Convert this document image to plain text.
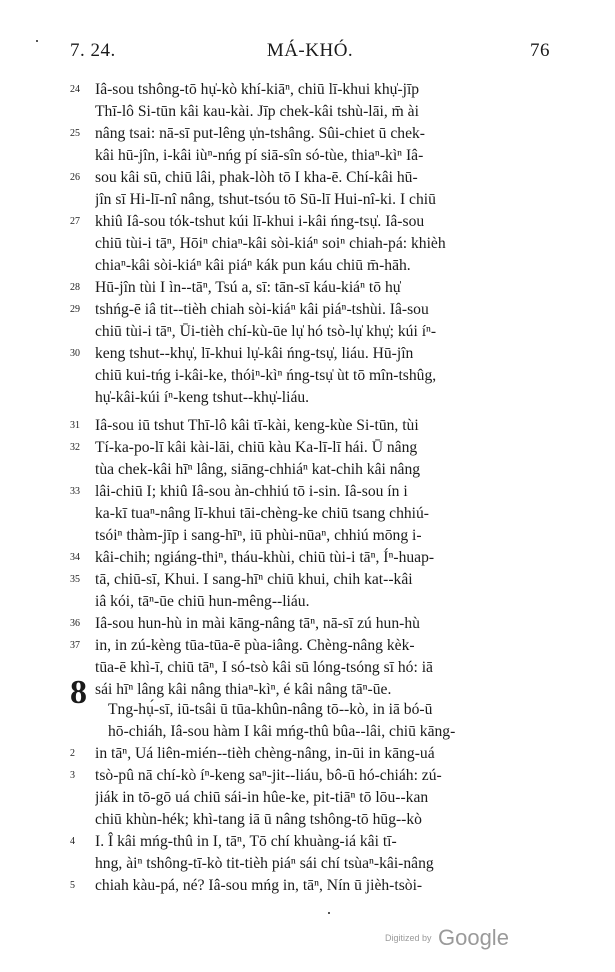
7. 24.	MÁ-KHÓ.	76
24 Iâ-sou tshông-tō hụ̍-kò khí-kiāⁿ, chiū lī-khui khụ̍-jīp
Thī-lô Si-tūn kâi kau-kài. Jīp chek-kâi tshù-lāi, m̄ ài
25 nâng tsai: nā-sī put-lêng ụ̍n-tshâng. Sûi-chiet ū chek-
kâi hū-jîn, i-kâi iùⁿ-nńg pí siā-sîn só-tùe, thiaⁿ-kìⁿ Iâ-
26 sou kâi sū, chiū lâi, phak-lòh tō I kha-ē. Chí-kâi hū-
jîn sī Hi-lī-nî nâng, tshut-tsóu tō Sū-lī Hui-nî-ki. I chiū
27 khiû Iâ-sou tók-tshut kúi lī-khui i-kâi ńng-tsụ̍. Iâ-sou
chiū tùi-i tāⁿ, Hōiⁿ chiaⁿ-kâi sòi-kiáⁿ soiⁿ chiah-pá: khièh
chiaⁿ-kâi sòi-kiáⁿ kâi piáⁿ kák pun káu chiū m̄-hāh.
28 Hū-jîn tùi I ìn--tāⁿ, Tsú a, sī: tān-sī káu-kiáⁿ tō hụ̍
29 tshńg-ē iâ tit--tièh chiah sòi-kiáⁿ kâi piáⁿ-tshùi. Iâ-sou
chiū tùi-i tāⁿ, Ūi-tièh chí-kù-ūe lụ̍ hó tsò-lụ̍ khụ̍; kúi íⁿ-
30 keng tshut--khụ̍, lī-khui lụ̍-kâi ńng-tsụ̍, liáu. Hū-jîn
chiū kui-tńg i-kâi-ke, thóiⁿ-kìⁿ ńng-tsụ̍ ùt tō mîn-tshûg,
hụ̍-kâi-kúi íⁿ-keng tshut--khụ̍-liáu.
31 Iâ-sou iū tshut Thī-lô kâi tī-kài, keng-kùe Si-tūn, tùi
32 Tí-ka-po-lī kâi kài-lāi, chiū kàu Ka-lī-lī hái. Ū nâng
tùa chek-kâi hīⁿ lâng, siāng-chhiáⁿ kat-chih kâi nâng
33 lâi-chiū I; khiû Iâ-sou àn-chhiú tō i-sin. Iâ-sou ín i
ka-kī tuaⁿ-nâng lī-khui tāi-chèng-ke chiū tsang chhiú-
tsóiⁿ thàm-jīp i sang-hīⁿ, iū phùi-nūaⁿ, chhiú mōng i-
34 kâi-chih; ngiáng-thiⁿ, tháu-khùi, chiū tùi-i tāⁿ, Íⁿ-huap-
35 tā, chiū-sī, Khui. I sang-hīⁿ chiū khui, chih kat--kâi
iâ kói, tāⁿ-ūe chiū hun-mêng--liáu.
36 Iâ-sou hun-hù in mài kāng-nâng tāⁿ, nā-sī zú hun-hù
37 in, in zú-kèng tūa-tūa-ē pùa-iâng. Chèng-nâng kèk-
tūa-ē khì-ī, chiū tāⁿ, I só-tsò kâi sū lóng-tsóng sī hó: iā
sái hīⁿ lâng kâi nâng thiaⁿ-kìⁿ, é kâi nâng tāⁿ-ūe.
8 Tng-hụ́-sī, iū-tsâi ū tūa-khûn-nâng tō--kò, in iā bó-ū
hō-chiáh, Iâ-sou hàm I kâi mńg-thû bûa--lâi, chiū kāng-
2	in tāⁿ, Uá liên-mién--tièh chèng-nâng, in-ūi in kāng-uá
3	tsò-pû nā chí-kò íⁿ-keng saⁿ-jit--liáu, bô-ū hó-chiáh: zú-
jiák in tō-gō uá chiū sái-in hûe-ke, pit-tiāⁿ tō lōu--kan
chiū khùn-hék; khì-tang iā ū nâng tshông-tō hūg--kò
4	I. Î kâi mńg-thû in I, tāⁿ, Tō chí khuàng-iá kâi tī-
hng, àiⁿ tshông-tī-kò tit-tièh piáⁿ sái chí tsùaⁿ-kâi-nâng
5	chiah kàu-pá, né? Iâ-sou mńg in, tāⁿ, Nín ū jièh-tsòi-
Digitized by Google
